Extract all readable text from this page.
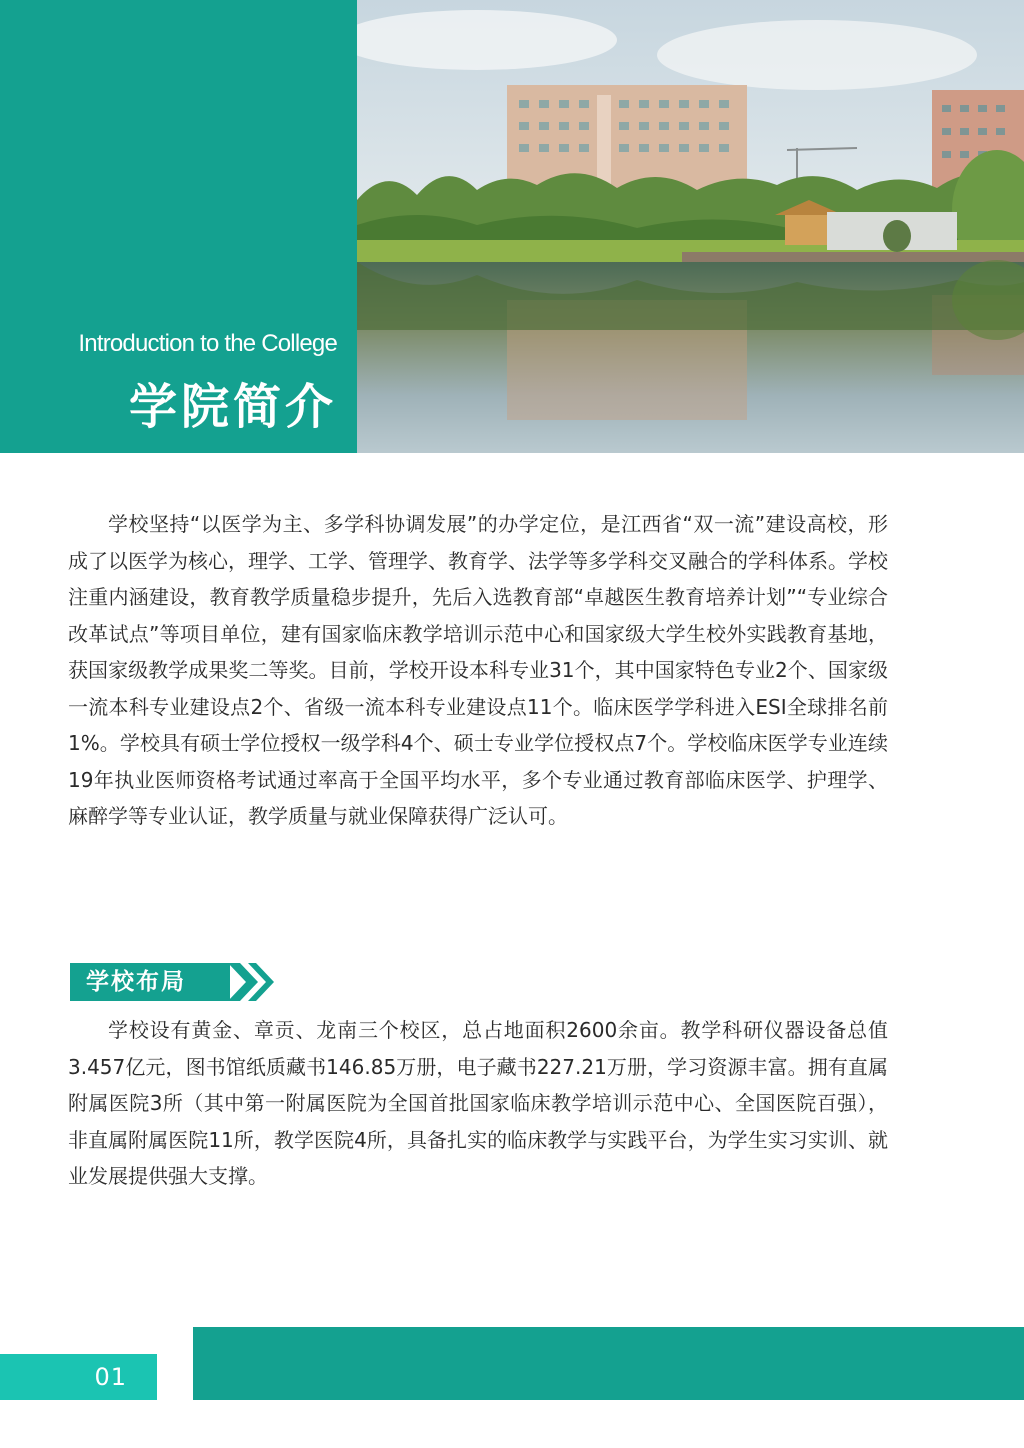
Introduction to the College
学院简介

学校坚持“以医学为主、多学科协调发展”的办学定位，是江西省“双一流”建设高校，形成了以医学为核心，理学、工学、管理学、教育学、法学等多学科交叉融合的学科体系。学校注重内涵建设，教育教学质量稳步提升，先后入选教育部“卓越医生教育培养计划”“专业综合改革试点”等项目单位，建有国家临床教学培训示范中心和国家级大学生校外实践教育基地，获国家级教学成果奖二等奖。目前，学校开设本科专业31个，其中国家特色专业2个、国家级一流本科专业建设点2个、省级一流本科专业建设点11个。临床医学学科进入ESI全球排名前1%。学校具有硕士学位授权一级学科4个、硕士专业学位授权点7个。学校临床医学专业连续19年执业医师资格考试通过率高于全国平均水平，多个专业通过教育部临床医学、护理学、麻醉学等专业认证，教学质量与就业保障获得广泛认可。

学校布局

学校设有黄金、章贡、龙南三个校区，总占地面积2600余亩。教学科研仪器设备总值3.457亿元，图书馆纸质藏书146.85万册，电子藏书227.21万册，学习资源丰富。拥有直属附属医院3所（其中第一附属医院为全国首批国家临床教学培训示范中心、全国医院百强），非直属附属医院11所，教学医院4所，具备扎实的临床教学与实践平台，为学生实习实训、就业发展提供强大支撑。

01
